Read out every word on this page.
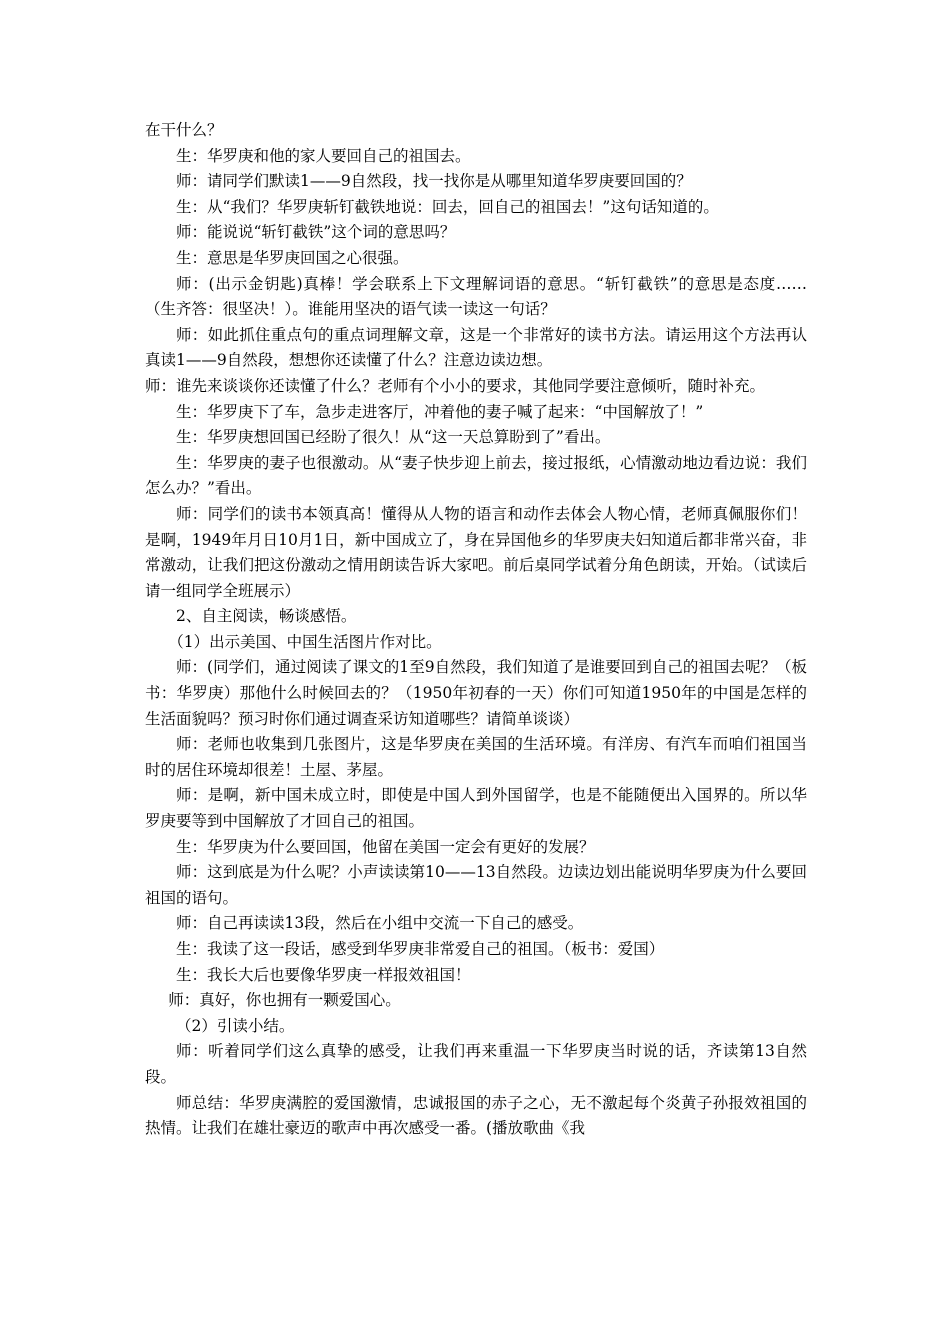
在干什么？

生：华罗庚和他的家人要回自己的祖国去。

师：请同学们默读1——9自然段，找一找你是从哪里知道华罗庚要回国的？

生：从“我们？华罗庚斩钉截铁地说：回去，回自己的祖国去！”这句话知道的。

师：能说说“斩钉截铁”这个词的意思吗？

生：意思是华罗庚回国之心很强。

师：(出示金钥匙)真棒！学会联系上下文理解词语的意思。“斩钉截铁”的意思是态度……（生齐答：很坚决！）。谁能用坚决的语气读一读这一句话？

师：如此抓住重点句的重点词理解文章，这是一个非常好的读书方法。请运用这个方法再认真读1——9自然段，想想你还读懂了什么？注意边读边想。

师：谁先来谈谈你还读懂了什么？老师有个小小的要求，其他同学要注意倾听，随时补充。

生：华罗庚下了车，急步走进客厅，冲着他的妻子喊了起来：“中国解放了！”

生：华罗庚想回国已经盼了很久！从“这一天总算盼到了”看出。

生：华罗庚的妻子也很激动。从“妻子快步迎上前去，接过报纸，心情激动地边看边说：我们怎么办？”看出。

师：同学们的读书本领真高！懂得从人物的语言和动作去体会人物心情，老师真佩服你们！是啊，1949年月日10月1日，新中国成立了，身在异国他乡的华罗庚夫妇知道后都非常兴奋，非常激动，让我们把这份激动之情用朗读告诉大家吧。前后桌同学试着分角色朗读，开始。（试读后请一组同学全班展示）

2、自主阅读，畅谈感悟。

（1）出示美国、中国生活图片作对比。

师：(同学们，通过阅读了课文的1至9自然段，我们知道了是谁要回到自己的祖国去呢？（板书：华罗庚）那他什么时候回去的？（1950年初春的一天）你们可知道1950年的中国是怎样的生活面貌吗？预习时你们通过调查采访知道哪些？请简单谈谈）

师：老师也收集到几张图片，这是华罗庚在美国的生活环境。有洋房、有汽车而咱们祖国当时的居住环境却很差！土屋、茅屋。

师：是啊，新中国未成立时，即使是中国人到外国留学，也是不能随便出入国界的。所以华罗庚要等到中国解放了才回自己的祖国。

生：华罗庚为什么要回国，他留在美国一定会有更好的发展？

师：这到底是为什么呢？小声读读第10——13自然段。边读边划出能说明华罗庚为什么要回祖国的语句。

师：自己再读读13段，然后在小组中交流一下自己的感受。

生：我读了这一段话，感受到华罗庚非常爱自己的祖国。（板书：爱国）

生：我长大后也要像华罗庚一样报效祖国！

师：真好，你也拥有一颗爱国心。

（2）引读小结。

师：听着同学们这么真挚的感受，让我们再来重温一下华罗庚当时说的话，齐读第13自然段。

师总结：华罗庚满腔的爱国激情，忠诚报国的赤子之心，无不激起每个炎黄子孙报效祖国的热情。让我们在雄壮豪迈的歌声中再次感受一番。(播放歌曲《我
